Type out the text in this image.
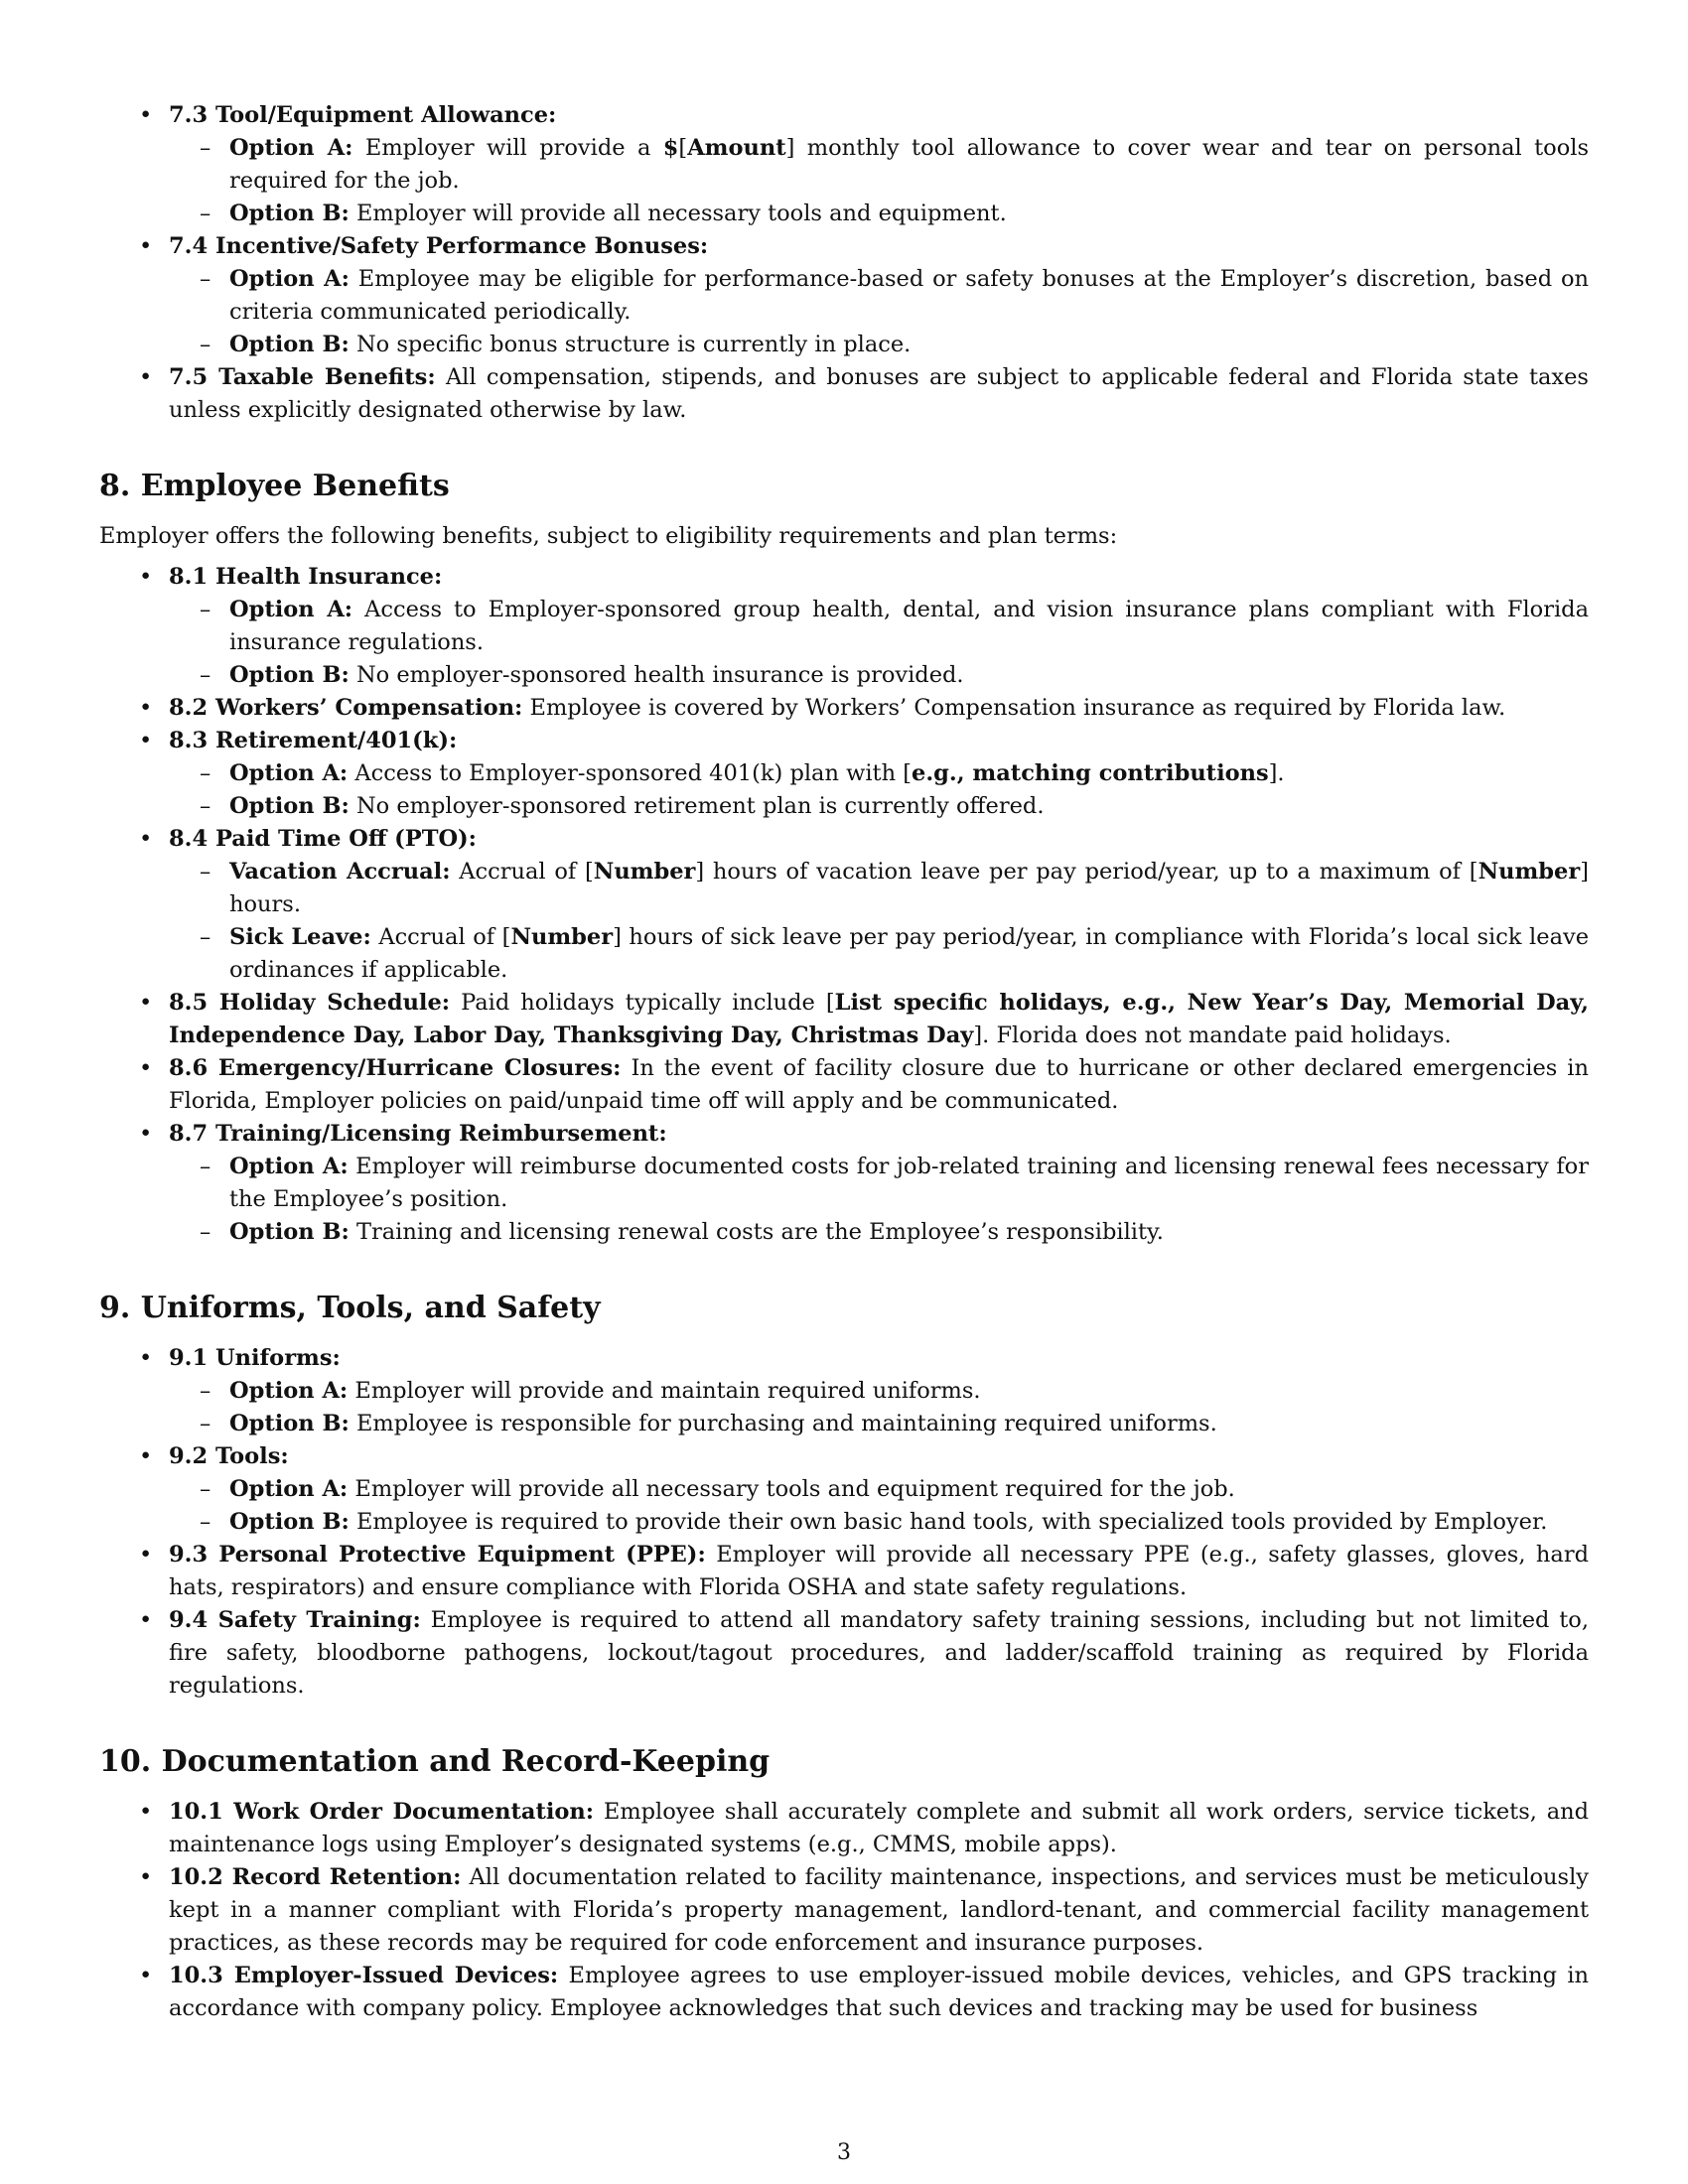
• 7.3 Tool/Equipment Allowance:
– Option A: Employer will provide a $[Amount] monthly tool allowance to cover wear and tear on personal tools required for the job.
– Option B: Employer will provide all necessary tools and equipment.
• 7.4 Incentive/Safety Performance Bonuses:
– Option A: Employee may be eligible for performance-based or safety bonuses at the Employer’s discretion, based on criteria communicated periodically.
– Option B: No specific bonus structure is currently in place.
• 7.5 Taxable Benefits: All compensation, stipends, and bonuses are subject to applicable federal and Florida state taxes unless explicitly designated otherwise by law.
8. Employee Benefits

Employer offers the following benefits, subject to eligibility requirements and plan terms:

• 8.1 Health Insurance:
– Option A: Access to Employer-sponsored group health, dental, and vision insurance plans compliant with Florida insurance regulations.
– Option B: No employer-sponsored health insurance is provided.
• 8.2 Workers’ Compensation: Employee is covered by Workers’ Compensation insurance as required by Florida law.
• 8.3 Retirement/401(k):
– Option A: Access to Employer-sponsored 401(k) plan with [e.g., matching contributions].
– Option B: No employer-sponsored retirement plan is currently offered.
• 8.4 Paid Time Off (PTO):
– Vacation Accrual: Accrual of [Number] hours of vacation leave per pay period/year, up to a maximum of [Number] hours.
– Sick Leave: Accrual of [Number] hours of sick leave per pay period/year, in compliance with Florida’s local sick leave ordinances if applicable.
• 8.5 Holiday Schedule: Paid holidays typically include [List specific holidays, e.g., New Year’s Day, Memorial Day, Independence Day, Labor Day, Thanksgiving Day, Christmas Day]. Florida does not mandate paid holidays.
• 8.6 Emergency/Hurricane Closures: In the event of facility closure due to hurricane or other declared emergencies in Florida, Employer policies on paid/unpaid time off will apply and be communicated.
• 8.7 Training/Licensing Reimbursement:
– Option A: Employer will reimburse documented costs for job-related training and licensing renewal fees necessary for the Employee’s position.
– Option B: Training and licensing renewal costs are the Employee’s responsibility.
9. Uniforms, Tools, and Safety
• 9.1 Uniforms:
– Option A: Employer will provide and maintain required uniforms.
– Option B: Employee is responsible for purchasing and maintaining required uniforms.
• 9.2 Tools:
– Option A: Employer will provide all necessary tools and equipment required for the job.
– Option B: Employee is required to provide their own basic hand tools, with specialized tools provided by Employer.
• 9.3 Personal Protective Equipment (PPE): Employer will provide all necessary PPE (e.g., safety glasses, gloves, hard hats, respirators) and ensure compliance with Florida OSHA and state safety regulations.
• 9.4 Safety Training: Employee is required to attend all mandatory safety training sessions, including but not limited to, fire safety, bloodborne pathogens, lockout/tagout procedures, and ladder/scaffold training as required by Florida regulations.
10. Documentation and Record-Keeping
• 10.1 Work Order Documentation: Employee shall accurately complete and submit all work orders, service tickets, and maintenance logs using Employer’s designated systems (e.g., CMMS, mobile apps).
• 10.2 Record Retention: All documentation related to facility maintenance, inspections, and services must be meticulously kept in a manner compliant with Florida’s property management, landlord-tenant, and commercial facility management practices, as these records may be required for code enforcement and insurance purposes.
• 10.3 Employer-Issued Devices: Employee agrees to use employer-issued mobile devices, vehicles, and GPS tracking in accordance with company policy. Employee acknowledges that such devices and tracking may be used for business
3
